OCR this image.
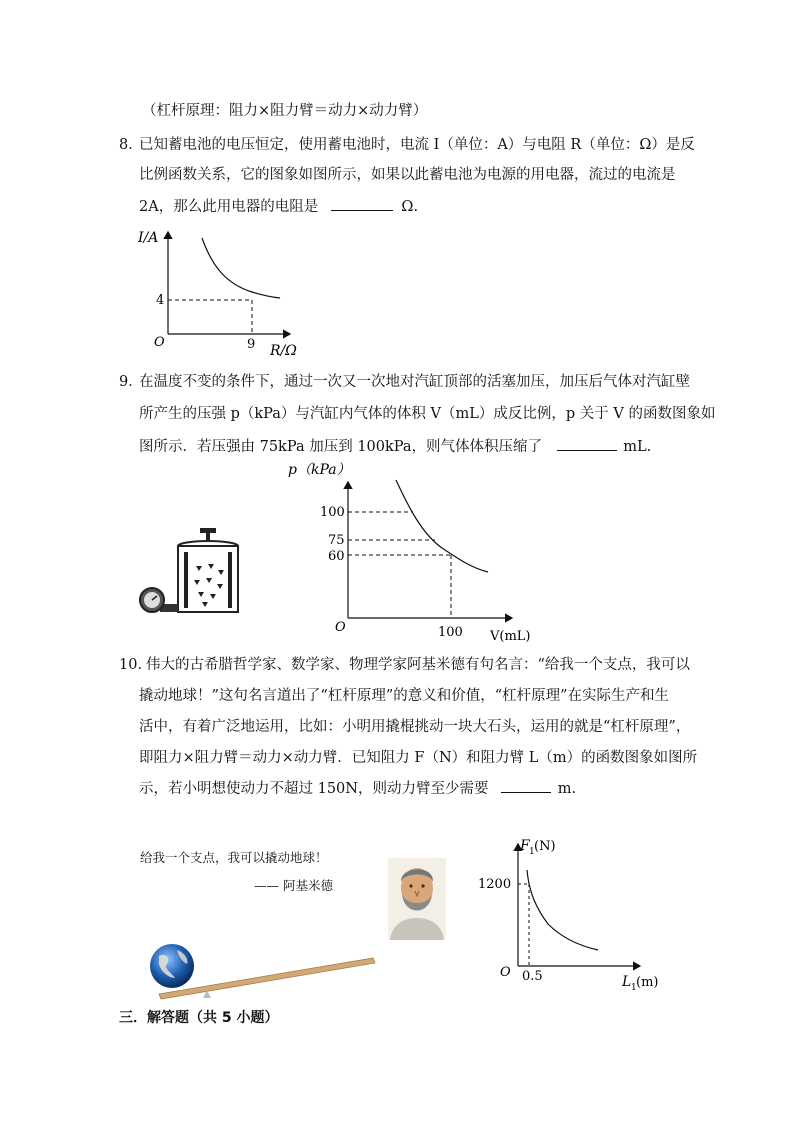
（杠杆原理：阻力×阻力臂＝动力×动力臂）
8．
已知蓄电池的电压恒定，使用蓄电池时，电流 I（单位：A）与电阻 R（单位：Ω）是反
比例函数关系，它的图象如图所示，如果以此蓄电池为电源的用电器，流过的电流是
2A，那么此用电器的电阻是	Ω.
I/A
R/Ω
O
4
9
9．
在温度不变的条件下，通过一次又一次地对汽缸顶部的活塞加压，加压后气体对汽缸壁
所产生的压强 p（kPa）与汽缸内气体的体积 V（mL）成反比例，p 关于 V 的函数图象如
图所示．若压强由 75kPa 加压到 100kPa，则气体体积压缩了	mL.
p（kPa）
V(mL)
O
100
75
60
100
10．
伟大的古希腊哲学家、数学家、物理学家阿基米德有句名言：“给我一个支点，我可以
撬动地球！”这句名言道出了“杠杆原理”的意义和价值，“杠杆原理”在实际生产和生
活中，有着广泛地运用，比如：小明用撬棍挑动一块大石头，运用的就是“杠杆原理”，
即阻力×阻力臂＝动力×动力臂．已知阻力 F（N）和阻力臂 L（m）的函数图象如图所
示，若小明想使动力不超过 150N，则动力臂至少需要	m.
给我一个支点，我可以撬动地球！
—— 阿基米德
F 1 (N)
L 1 (m)
O
1200
0.5
三．解答题（共 5 小题）
